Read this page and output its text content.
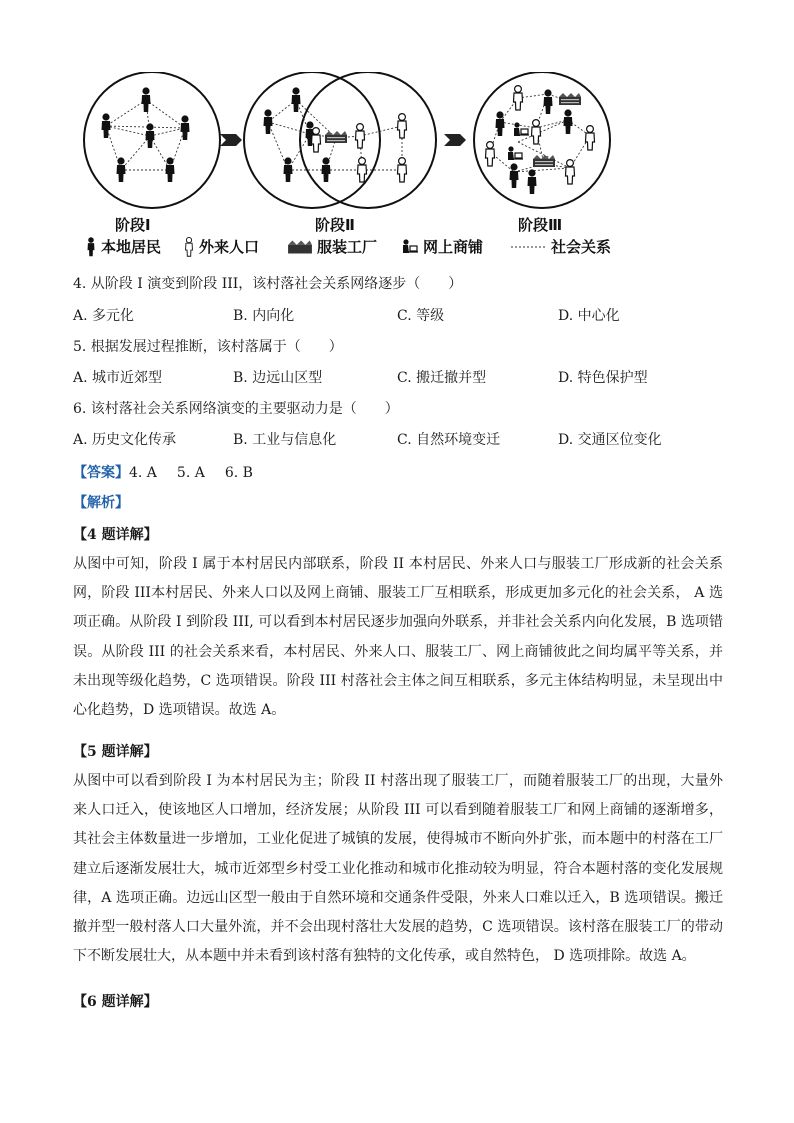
阶段Ⅰ	阶段Ⅱ	阶段Ⅲ
本地居民	外来人口	服装工厂	网上商铺	社会关系
4. 从阶段 I 演变到阶段 III，该村落社会关系网络逐步（　　）
A. 多元化	B. 内向化	C. 等级	D. 中心化
5. 根据发展过程推断，该村落属于（　　）
A. 城市近郊型	B. 边远山区型	C. 搬迁撤并型	D. 特色保护型
6. 该村落社会关系网络演变的主要驱动力是（　　）
A. 历史文化传承	B. 工业与信息化	C. 自然环境变迁	D. 交通区位变化
【答案】4. A 5. A 6. B
【解析】
【4 题详解】
从图中可知，阶段 I 属于本村居民内部联系，阶段 II 本村居民、外来人口与服装工厂形成新的社会关系网，阶段 III本村居民、外来人口以及网上商铺、服装工厂互相联系，形成更加多元化的社会关系， A 选项正确。从阶段 I 到阶段 III, 可以看到本村居民逐步加强向外联系，并非社会关系内向化发展，B 选项错误。从阶段 III 的社会关系来看，本村居民、外来人口、服装工厂、网上商铺彼此之间均属平等关系，并未出现等级化趋势，C 选项错误。阶段 III 村落社会主体之间互相联系，多元主体结构明显，未呈现出中心化趋势，D 选项错误。故选 A。
【5 题详解】
从图中可以看到阶段 I 为本村居民为主；阶段 II 村落出现了服装工厂，而随着服装工厂的出现，大量外来人口迁入，使该地区人口增加，经济发展；从阶段 III 可以看到随着服装工厂和网上商铺的逐渐增多，其社会主体数量进一步增加，工业化促进了城镇的发展，使得城市不断向外扩张，而本题中的村落在工厂建立后逐渐发展壮大，城市近郊型乡村受工业化推动和城市化推动较为明显，符合本题村落的变化发展规律，A 选项正确。边远山区型一般由于自然环境和交通条件受限，外来人口难以迁入，B 选项错误。搬迁撤并型一般村落人口大量外流，并不会出现村落壮大发展的趋势，C 选项错误。该村落在服装工厂的带动下不断发展壮大，从本题中并未看到该村落有独特的文化传承，或自然特色， D 选项排除。故选 A。
【6 题详解】
